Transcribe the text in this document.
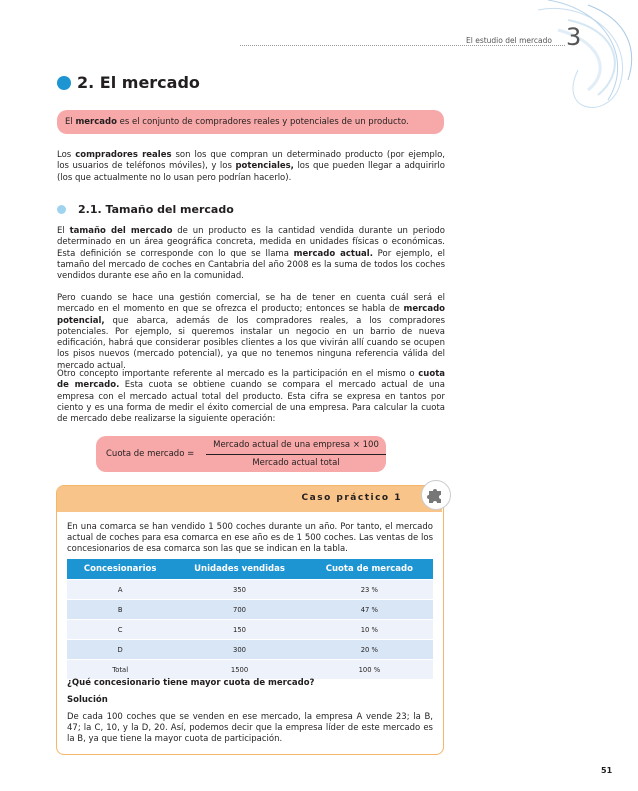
El estudio del mercado 3
2. El mercado
El mercado es el conjunto de compradores reales y potenciales de un producto.
Los compradores reales son los que compran un determinado producto (por ejemplo, los usuarios de teléfonos móviles), y los potenciales, los que pueden llegar a adquirirlo (los que actualmente no lo usan pero podrían hacerlo).
2.1. Tamaño del mercado
El tamaño del mercado de un producto es la cantidad vendida durante un periodo determinado en un área geográfica concreta, medida en unidades físicas o económicas. Esta definición se corresponde con lo que se llama mercado actual. Por ejemplo, el tamaño del mercado de coches en Cantabria del año 2008 es la suma de todos los coches vendidos durante ese año en la comunidad.
Pero cuando se hace una gestión comercial, se ha de tener en cuenta cuál será el mercado en el momento en que se ofrezca el producto; entonces se habla de mercado potencial, que abarca, además de los compradores reales, a los compradores potenciales. Por ejemplo, si queremos instalar un negocio en un barrio de nueva edificación, habrá que considerar posibles clientes a los que vivirán allí cuando se ocupen los pisos nuevos (mercado potencial), ya que no tenemos ninguna referencia válida del mercado actual.
Otro concepto importante referente al mercado es la participación en el mismo o cuota de mercado. Esta cuota se obtiene cuando se compara el mercado actual de una empresa con el mercado actual total del producto. Esta cifra se expresa en tantos por ciento y es una forma de medir el éxito comercial de una empresa. Para calcular la cuota de mercado debe realizarse la siguiente operación:
Cuota de mercado =
Mercado actual de una empresa × 100
Mercado actual total
Caso práctico 1
En una comarca se han vendido 1 500 coches durante un año. Por tanto, el mercado actual de coches para esa comarca en ese año es de 1 500 coches. Las ventas de los concesionarios de esa comarca son las que se indican en la tabla.
Concesionarios	Unidades vendidas	Cuota de mercado
A	350	23 %
B	700	47 %
C	150	10 %
D	300	20 %
Total	1500	100 %
¿Qué concesionario tiene mayor cuota de mercado?
Solución
De cada 100 coches que se venden en ese mercado, la empresa A vende 23; la B, 47; la C, 10, y la D, 20. Así, podemos decir que la empresa líder de este mercado es la B, ya que tiene la mayor cuota de participación.
51
